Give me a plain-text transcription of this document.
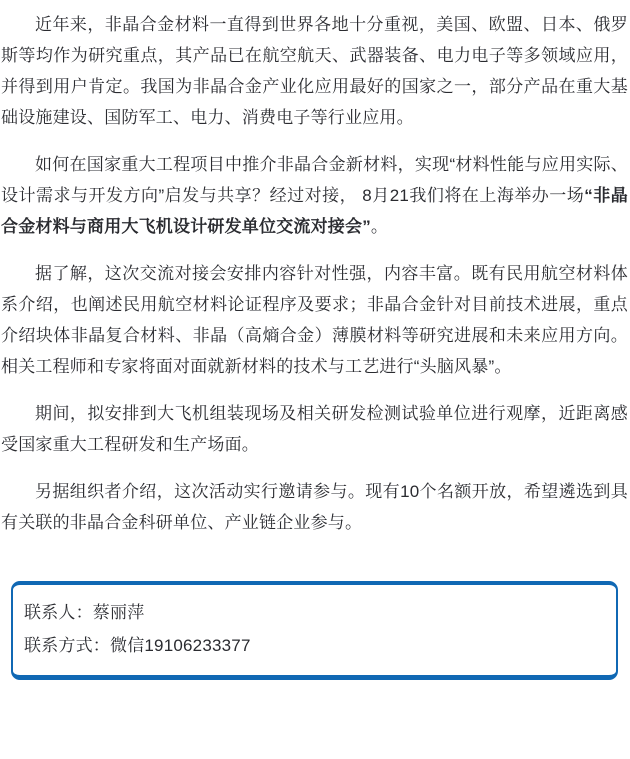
近年来，非晶合金材料一直得到世界各地十分重视，美国、欧盟、日本、俄罗斯等均作为研究重点，其产品已在航空航天、武器装备、电力电子等多领域应用，并得到用户肯定。我国为非晶合金产业化应用最好的国家之一，部分产品在重大基础设施建设、国防军工、电力、消费电子等行业应用。

如何在国家重大工程项目中推介非晶合金新材料，实现“材料性能与应用实际、设计需求与开发方向”启发与共享？经过对接， 8月21我们将在上海举办一场“非晶合金材料与商用大飞机设计研发单位交流对接会”。

据了解，这次交流对接会安排内容针对性强，内容丰富。既有民用航空材料体系介绍，也阐述民用航空材料论证程序及要求；非晶合金针对目前技术进展，重点介绍块体非晶复合材料、非晶（高熵合金）薄膜材料等研究进展和未来应用方向。相关工程师和专家将面对面就新材料的技术与工艺进行“头脑风暴”。

期间，拟安排到大飞机组装现场及相关研发检测试验单位进行观摩，近距离感受国家重大工程研发和生产场面。

另据组织者介绍，这次活动实行邀请参与。现有10个名额开放，希望遴选到具有关联的非晶合金科研单位、产业链企业参与。

联系人：蔡丽萍

联系方式：微信19106233377
